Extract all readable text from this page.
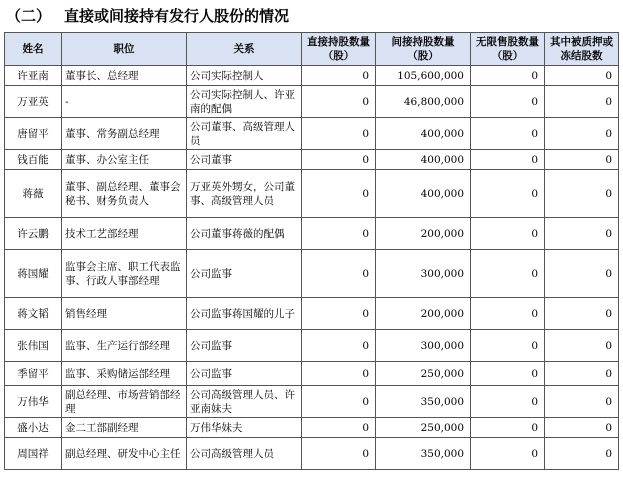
（二） 直接或间接持有发行人股份的情况
姓名	职位	关系	直接持股数量（股）	间接持股数量（股）	无限售股数量（股）	其中被质押或冻结股数
许亚南	董事长、总经理	公司实际控制人	0	105,600,000	0	0
万亚英	-	公司实际控制人、许亚南的配偶	0	46,800,000	0	0
唐留平	董事、常务副总经理	公司董事、高级管理人员	0	400,000	0	0
钱百能	董事、办公室主任	公司董事	0	400,000	0	0
蒋薇	董事、副总经理、董事会秘书、财务负责人	万亚英外甥女，公司董事、高级管理人员	0	400,000	0	0
许云鹏	技术工艺部经理	公司董事蒋薇的配偶	0	200,000	0	0
蒋国耀	监事会主席、职工代表监事、行政人事部经理	公司监事	0	300,000	0	0
蒋文韬	销售经理	公司监事蒋国耀的儿子	0	200,000	0	0
张伟国	监事、生产运行部经理	公司监事	0	300,000	0	0
季留平	监事、采购储运部经理	公司监事	0	250,000	0	0
万伟华	副总经理、市场营销部经理	公司高级管理人员、许亚南妹夫	0	350,000	0	0
盛小达	金二工部副经理	万伟华妹夫	0	250,000	0	0
周国祥	副总经理、研发中心主任	公司高级管理人员	0	350,000	0	0
